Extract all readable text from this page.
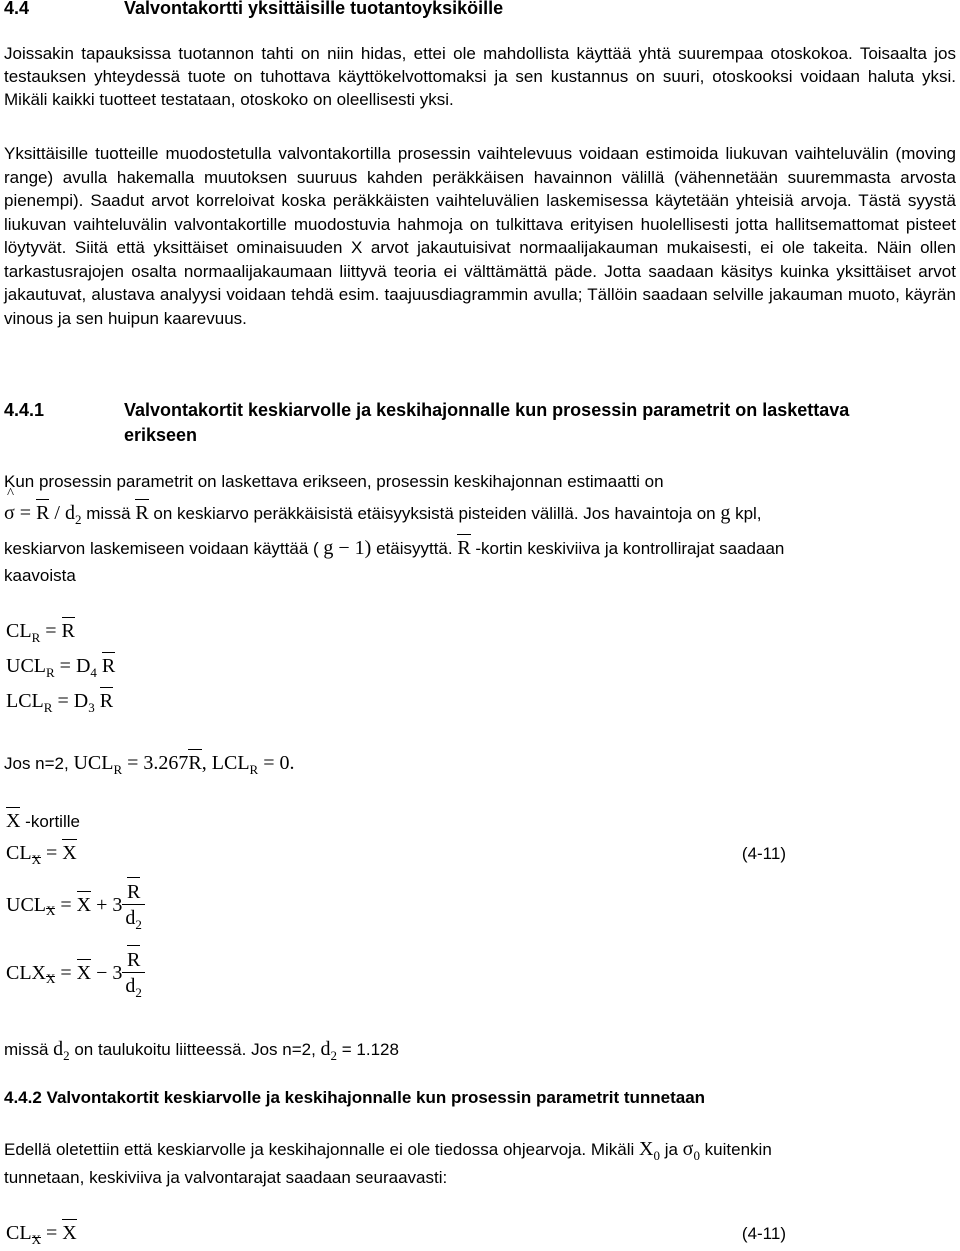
4.4	Valvontakortti yksittäisille tuotantoyksiköille
Joissakin tapauksissa tuotannon tahti on niin hidas, ettei ole mahdollista käyttää yhtä suurempaa otoskokoa. Toisaalta jos testauksen yhteydessä tuote on tuhottava käyttökelvottomaksi ja sen kustannus on suuri, otoskooksi voidaan haluta yksi. Mikäli kaikki tuotteet testataan, otoskoko on oleellisesti yksi.
Yksittäisille tuotteille muodostetulla valvontakortilla prosessin vaihtelevuus voidaan estimoida liukuvan vaihteluvälin (moving range) avulla hakemalla muutoksen suuruus kahden peräkkäisen havainnon välillä (vähennetään suuremmasta arvosta pienempi). Saadut arvot korreloivat koska peräkkäisten vaihteluvälien laskemisessa käytetään yhteisiä arvoja. Tästä syystä liukuvan vaihteluvälin valvontakortille muodostuvia hahmoja on tulkittava erityisen huolellisesti jotta hallitsemattomat pisteet löytyvät. Siitä että yksittäiset ominaisuuden X arvot jakautuisivat normaalijakauman mukaisesti, ei ole takeita. Näin ollen tarkastusrajojen osalta normaalijakaumaan liittyvä teoria ei välttämättä päde. Jotta saadaan käsitys kuinka yksittäiset arvot jakautuvat, alustava analyysi voidaan tehdä esim. taajuusdiagrammin avulla; Tällöin saadaan selville jakauman muoto, käyrän vinous ja sen huipun kaarevuus.
4.4.1	Valvontakortit keskiarvolle ja keskihajonnalle kun prosessin parametrit on laskettava
erikseen
Kun prosessin parametrit on laskettava erikseen, prosessin keskihajonnan estimaatti on
^ $\sigma = R / d_2$ missä R on keskiarvo peräkkäisistä etäisyyksistä pisteiden välillä. Jos havaintoja on g kpl,
keskiarvon laskemiseen voidaan käyttää ( g − 1) etäisyyttä. R -kortin keskiviiva ja kontrollirajat saadaan
kaavoista
$CL_R = R$
$UCL_R = D_4$ R
$LCL_R = D_3$ R
Jos n=2, $UCL_R = 3.267R$, $LCL_R = 0$.
X -kortille
$CL_X = X$	(4-11)
$UCL_X = X + 3 \frac{R}{d_2}$
$CLX_X = X - 3 \frac{R}{d_2}$
missä $d_2$ on taulukoitu liitteessä. Jos n=2, $d_2 = 1.128$
4.4.2 Valvontakortit keskiarvolle ja keskihajonnalle kun prosessin parametrit tunnetaan
Edellä oletettiin että keskiarvolle ja keskihajonnalle ei ole tiedossa ohjearvoja. Mikäli $X_0$ ja $\sigma_0$ kuitenkin
tunnetaan, keskiviiva ja valvontarajat saadaan seuraavasti:
$CL_X = X$	(4-11)
